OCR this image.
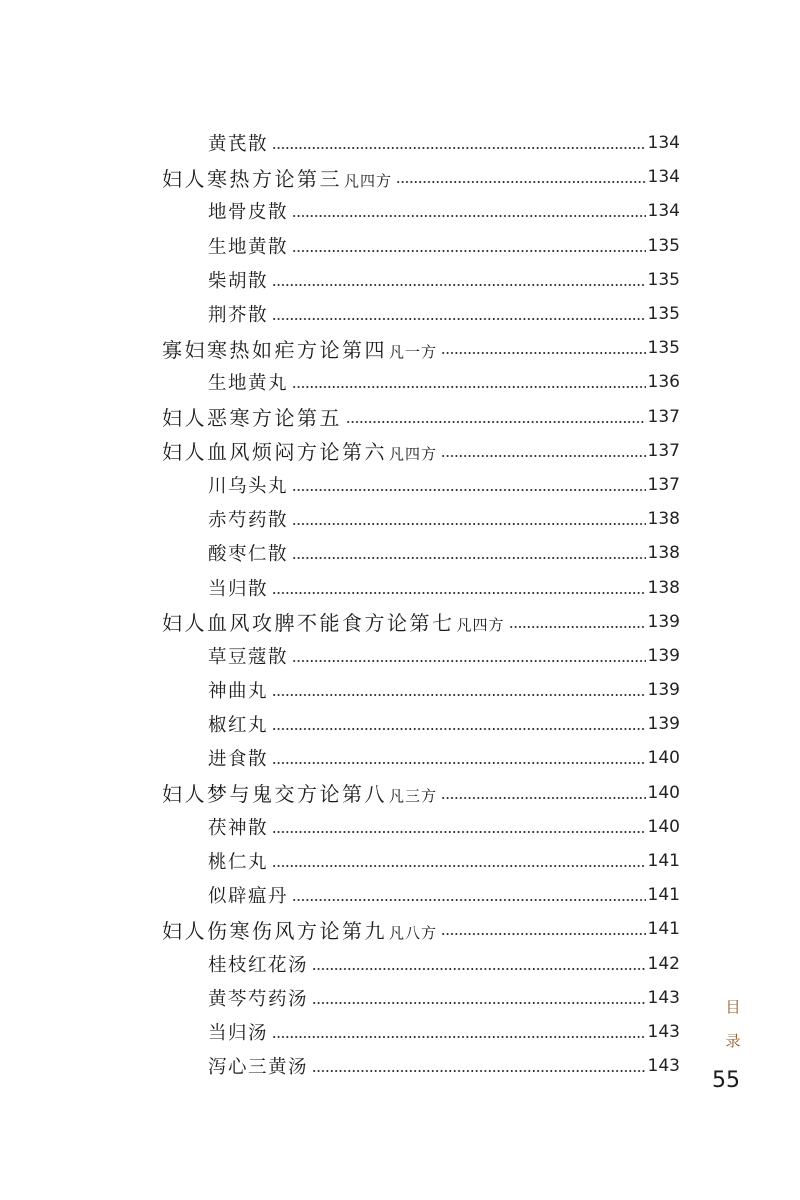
黄芪散	134
妇人寒热方论第三 凡四方	134
地骨皮散	134
生地黄散	135
柴胡散	135
荆芥散	135
寡妇寒热如疟方论第四 凡一方	135
生地黄丸	136
妇人恶寒方论第五	137
妇人血风烦闷方论第六 凡四方	137
川乌头丸	137
赤芍药散	138
酸枣仁散	138
当归散	138
妇人血风攻脾不能食方论第七 凡四方	139
草豆蔻散	139
神曲丸	139
椒红丸	139
进食散	140
妇人梦与鬼交方论第八 凡三方	140
茯神散	140
桃仁丸	141
似辟瘟丹	141
妇人伤寒伤风方论第九 凡八方	141
桂枝红花汤	142
黄芩芍药汤	143
当归汤	143
泻心三黄汤	143
目
录
55
